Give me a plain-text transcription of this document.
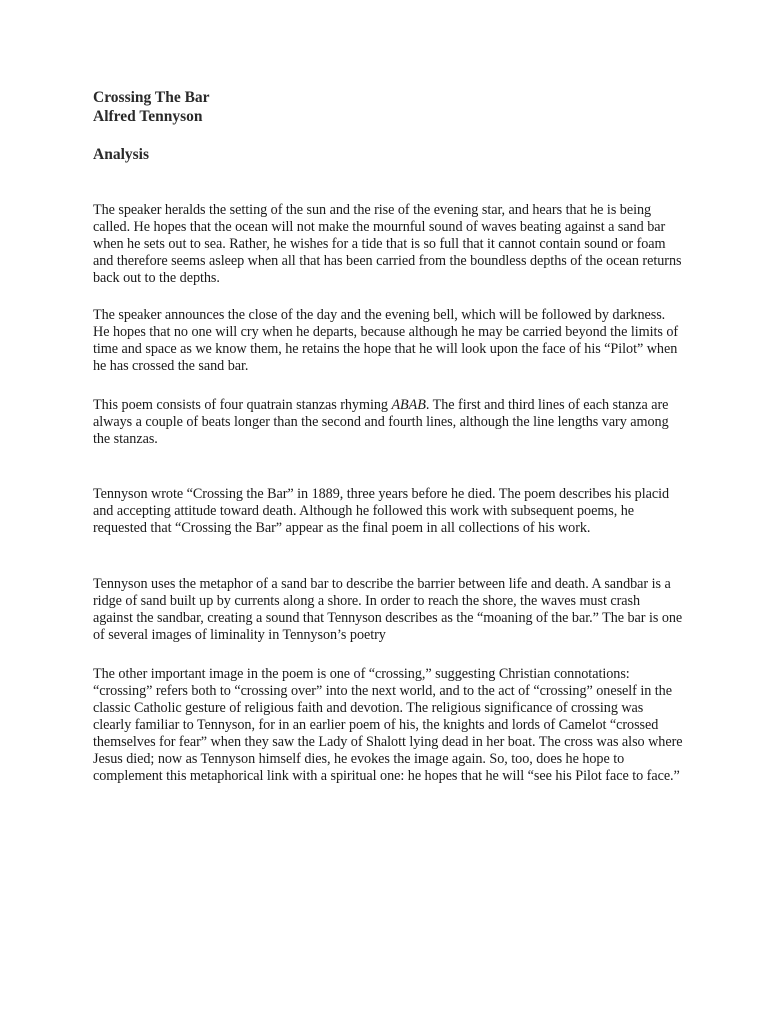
Crossing The Bar

Alfred Tennyson

Analysis

The speaker heralds the setting of the sun and the rise of the evening star, and hears that he is being called. He hopes that the ocean will not make the mournful sound of waves beating against a sand bar when he sets out to sea. Rather, he wishes for a tide that is so full that it cannot contain sound or foam and therefore seems asleep when all that has been carried from the boundless depths of the ocean returns back out to the depths.

The speaker announces the close of the day and the evening bell, which will be followed by darkness. He hopes that no one will cry when he departs, because although he may be carried beyond the limits of time and space as we know them, he retains the hope that he will look upon the face of his “Pilot” when he has crossed the sand bar.

This poem consists of four quatrain stanzas rhyming ABAB. The first and third lines of each stanza are always a couple of beats longer than the second and fourth lines, although the line lengths vary among the stanzas.

Tennyson wrote “Crossing the Bar” in 1889, three years before he died. The poem describes his placid and accepting attitude toward death. Although he followed this work with subsequent poems, he requested that “Crossing the Bar” appear as the final poem in all collections of his work.

Tennyson uses the metaphor of a sand bar to describe the barrier between life and death. A sandbar is a ridge of sand built up by currents along a shore. In order to reach the shore, the waves must crash against the sandbar, creating a sound that Tennyson describes as the “moaning of the bar.” The bar is one of several images of liminality in Tennyson’s poetry

The other important image in the poem is one of “crossing,” suggesting Christian connotations: “crossing” refers both to “crossing over” into the next world, and to the act of “crossing” oneself in the classic Catholic gesture of religious faith and devotion. The religious significance of crossing was clearly familiar to Tennyson, for in an earlier poem of his, the knights and lords of Camelot “crossed themselves for fear” when they saw the Lady of Shalott lying dead in her boat. The cross was also where Jesus died; now as Tennyson himself dies, he evokes the image again. So, too, does he hope to complement this metaphorical link with a spiritual one: he hopes that he will “see his Pilot face to face.”
